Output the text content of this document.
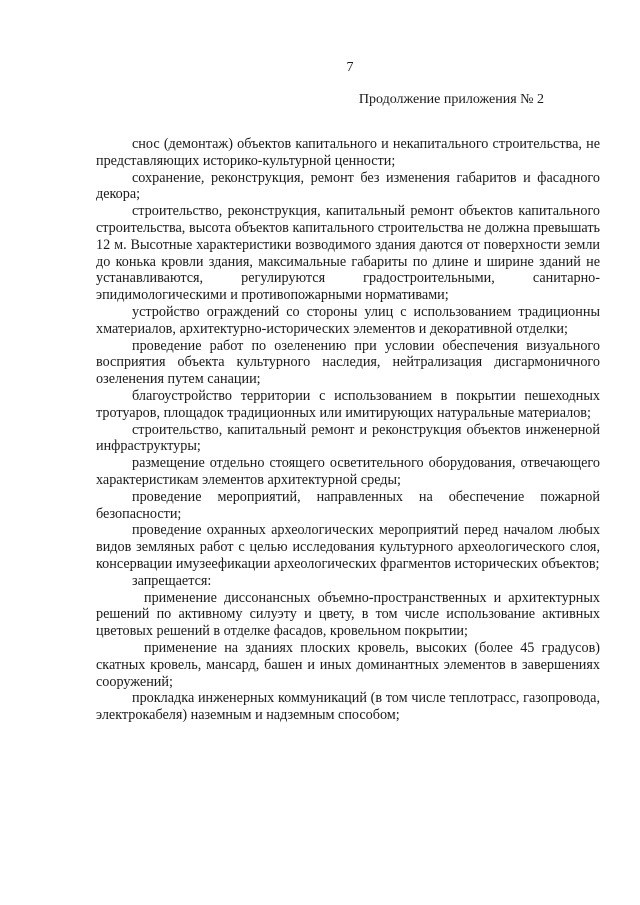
7
Продолжение приложения № 2

снос (демонтаж) объектов капитального и некапитального строительства, не представляющих историко-культурной ценности;

сохранение, реконструкция, ремонт без изменения габаритов и фасадного декора;

строительство, реконструкция, капитальный ремонт объектов капитального строительства, высота объектов капитального строительства не должна превышать 12 м. Высотные характеристики возводимого здания даются от поверхности земли до конька кровли здания, максимальные габариты по длине и ширине зданий не устанавливаются, регулируются градостроительными, санитарно-эпидимологическими и противопожарными нормативами;

устройство ограждений со стороны улиц с использованием традиционны хматериалов, архитектурно-исторических элементов и декоративной отделки;

проведение работ по озеленению при условии обеспечения визуального восприятия объекта культурного наследия, нейтрализация дисгармоничного озеленения путем санации;

благоустройство территории с использованием в покрытии пешеходных тротуаров, площадок традиционных или имитирующих натуральные материалов;

строительство, капитальный ремонт и реконструкция объектов инженерной инфраструктуры;

размещение отдельно стоящего осветительного оборудования, отвечающего характеристикам элементов архитектурной среды;

проведение мероприятий, направленных на обеспечение пожарной безопасности;

проведение охранных археологических мероприятий перед началом любых видов земляных работ с целью исследования культурного археологического слоя, консервации имузеефикации археологических фрагментов исторических объектов;

запрещается:

применение диссонансных объемно-пространственных и архитектурных решений по активному силуэту и цвету, в том числе использование активных цветовых решений в отделке фасадов, кровельном покрытии;

применение на зданиях плоских кровель, высоких (более 45 градусов) скатных кровель, мансард, башен и иных доминантных элементов в завершениях сооружений;

прокладка инженерных коммуникаций (в том числе теплотрасс, газопровода, электрокабеля) наземным и надземным способом;
